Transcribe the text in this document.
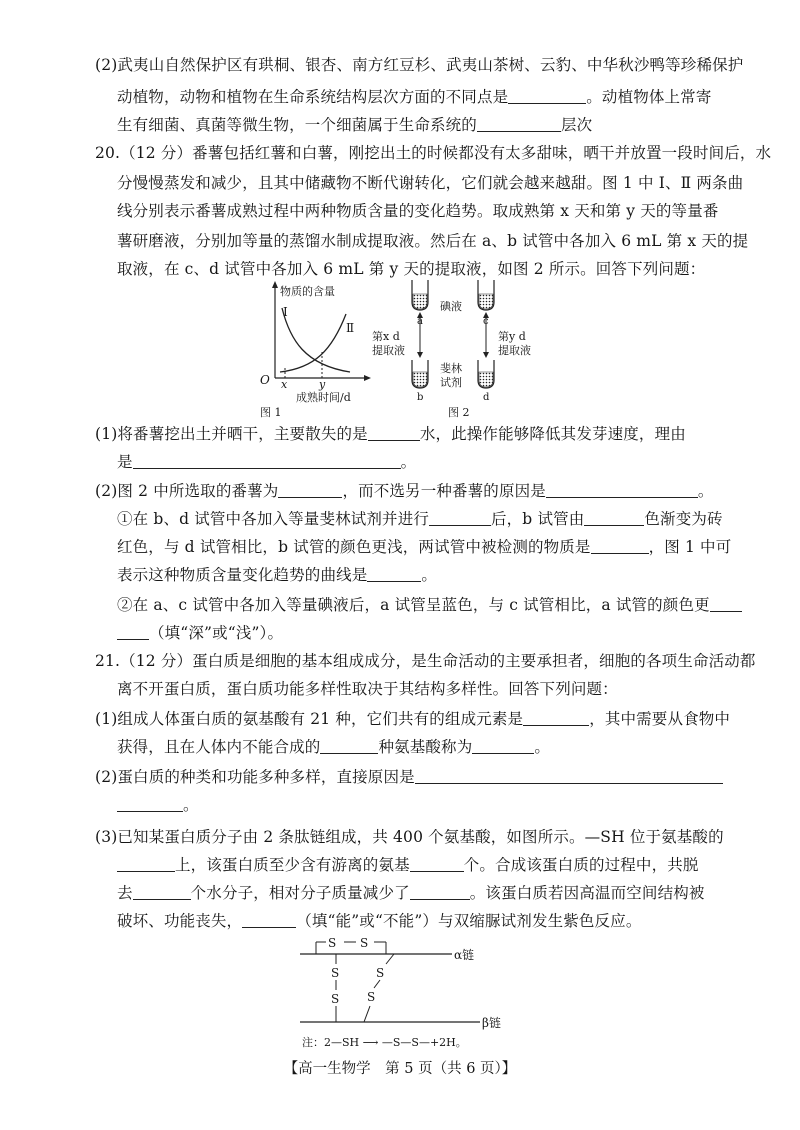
(2)武夷山自然保护区有珙桐、银杏、南方红豆杉、武夷山茶树、云豹、中华秋沙鸭等珍稀保护
动植物，动物和植物在生命系统结构层次方面的不同点是	。动植物体上常寄
生有细菌、真菌等微生物，一个细菌属于生命系统的	层次
20.（12 分）番薯包括红薯和白薯，刚挖出土的时候都没有太多甜味，晒干并放置一段时间后，水
分慢慢蒸发和减少，且其中储藏物不断代谢转化，它们就会越来越甜。图 1 中 Ⅰ、Ⅱ 两条曲
线分别表示番薯成熟过程中两种物质含量的变化趋势。取成熟第 x 天和第 y 天的等量番
薯研磨液，分别加等量的蒸馏水制成提取液。然后在 a、b 试管中各加入 6 mL 第 x 天的提
取液，在 c、d 试管中各加入 6 mL 第 y 天的提取液，如图 2 所示。回答下列问题：
物质的含量
Ⅰ
Ⅱ
O x	y
成熟时间/d
图 1
a	c
b	d
碘液
斐林
试剂
第x d
提取液
第y d
提取液
图 2
(1)将番薯挖出土并晒干，主要散失的是	水，此操作能够降低其发芽速度，理由
是	。
(2)图 2 中所选取的番薯为	，而不选另一种番薯的原因是	。
①在 b、d 试管中各加入等量斐林试剂并进行	后，b 试管由	色渐变为砖
红色，与 d 试管相比，b 试管的颜色更浅，两试管中被检测的物质是	，图 1 中可
表示这种物质含量变化趋势的曲线是	。
②在 a、c 试管中各加入等量碘液后，a 试管呈蓝色，与 c 试管相比，a 试管的颜色更
（填“深”或“浅”）。
21.（12 分）蛋白质是细胞的基本组成成分，是生命活动的主要承担者，细胞的各项生命活动都
离不开蛋白质，蛋白质功能多样性取决于其结构多样性。回答下列问题：
(1)组成人体蛋白质的氨基酸有 21 种，它们共有的组成元素是	，其中需要从食物中
获得，且在人体内不能合成的	种氨基酸称为	。
(2)蛋白质的种类和功能多种多样，直接原因是
。
(3)已知某蛋白质分子由 2 条肽链组成，共 400 个氨基酸，如图所示。—SH 位于氨基酸的
上，该蛋白质至少含有游离的氨基	个。合成该蛋白质的过程中，共脱
去	个水分子，相对分子质量减少了	。该蛋白质若因高温而空间结构被
破坏、功能丧失，	（填“能”或“不能”）与双缩脲试剂发生紫色反应。
S S
S
S
S
S
α链
β链
注：2—SH ⟶ —S—S—+2H。
【高一生物学　第 5 页（共 6 页）】
